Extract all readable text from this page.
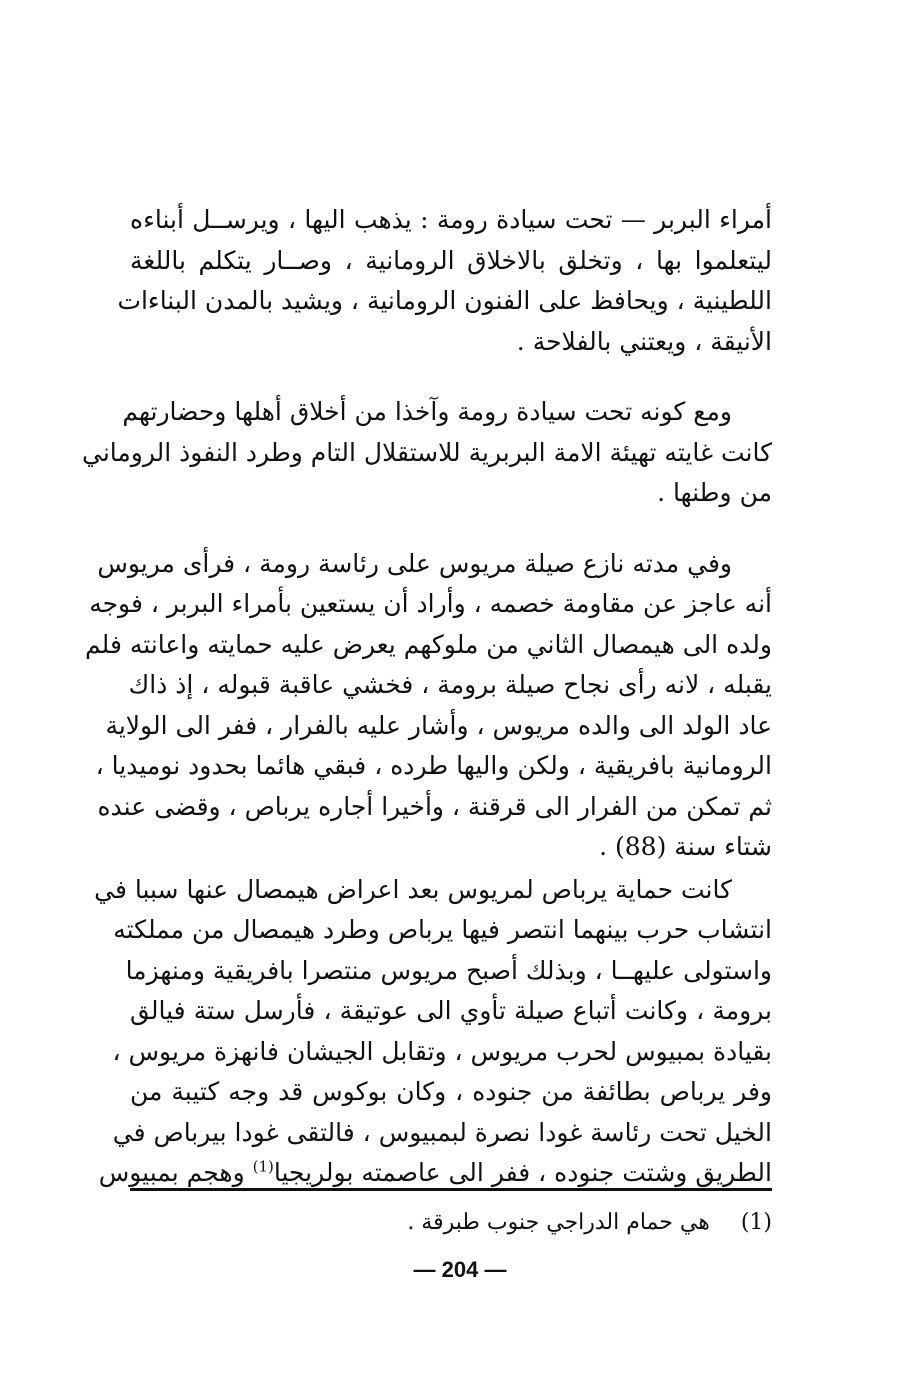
أمراء البربر — تحت سيادة رومة : يذهب اليها ، ويرســل أبناءه
ليتعلموا بها ، وتخلق بالاخلاق الرومانية ، وصــار يتكلم باللغة
اللطينية ، ويحافظ على الفنون الرومانية ، ويشيد بالمدن البناءات
الأنيقة ، ويعتني بالفلاحة .

ومع كونه تحت سيادة رومة وآخذا من أخلاق أهلها وحضارتهم
كانت غايته تهيئة الامة البربرية للاستقلال التام وطرد النفوذ الروماني
من وطنها .

وفي مدته نازع صيلة مريوس على رئاسة رومة ، فرأى مريوس
أنه عاجز عن مقاومة خصمه ، وأراد أن يستعين بأمراء البربر ، فوجه
ولده الى هيمصال الثاني من ملوكهم يعرض عليه حمايته واعانته فلم
يقبله ، لانه رأى نجاح صيلة برومة ، فخشي عاقبة قبوله ، إذ ذاك
عاد الولد الى والده مريوس ، وأشار عليه بالفرار ، ففر الى الولاية
الرومانية بافريقية ، ولكن واليها طرده ، فبقي هائما بحدود نوميديا ،
ثم تمكن من الفرار الى قرقنة ، وأخيرا أجاره يرباص ، وقضى عنده
شتاء سنة (88) .

كانت حماية يرباص لمريوس بعد اعراض هيمصال عنها سببا في
انتشاب حرب بينهما انتصر فيها يرباص وطرد هيمصال من مملكته
واستولى عليهــا ، وبذلك أصبح مريوس منتصرا بافريقية ومنهزما
برومة ، وكانت أتباع صيلة تأوي الى عوتيقة ، فأرسل ستة فيالق
بقيادة بمبيوس لحرب مريوس ، وتقابل الجيشان فانهزة مريوس ،
وفر يرباص بطائفة من جنوده ، وكان بوكوس قد وجه كتيبة من
الخيل تحت رئاسة غودا نصرة لبمبيوس ، فالتقى غودا بيرباص في
الطريق وشتت جنوده ، ففر الى عاصمته بولريجيا$^{(1)}$ وهجم بمبيوس

(1) هي حمام الدراجي جنوب طبرقة .
— 204 —
